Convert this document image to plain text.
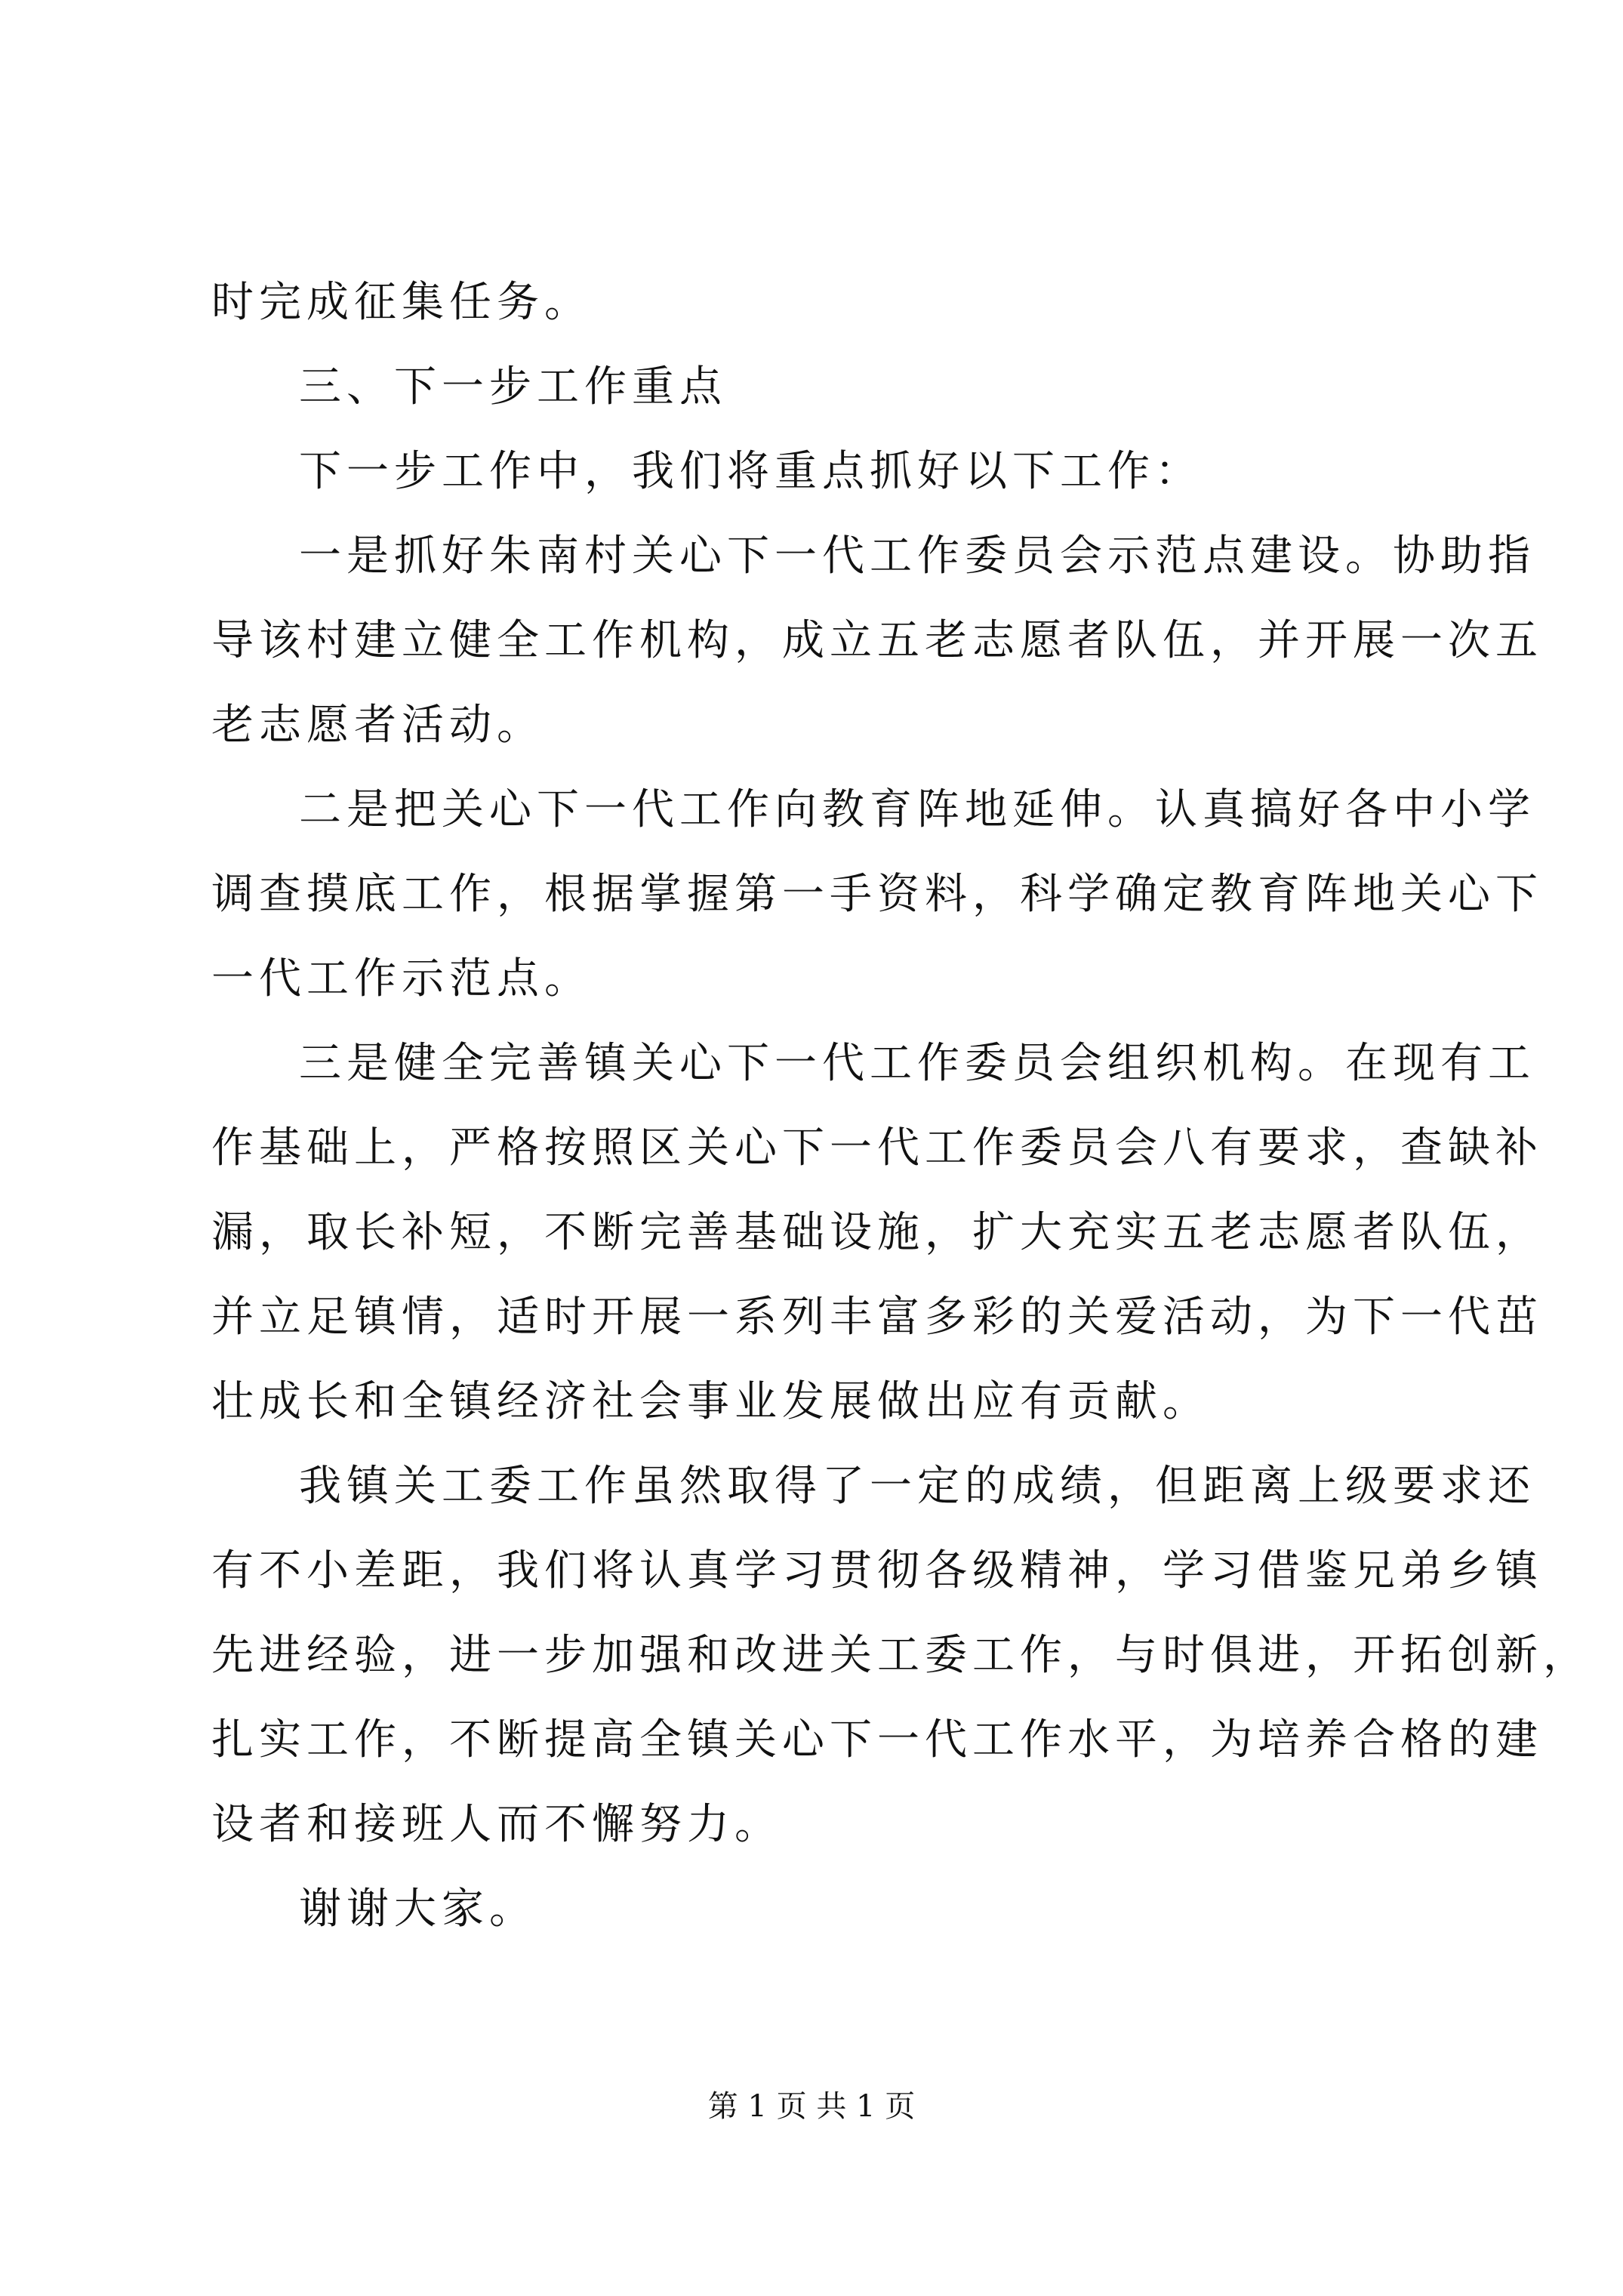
时完成征集任务。
三、下一步工作重点
下一步工作中，我们将重点抓好以下工作：
一是抓好朱南村关心下一代工作委员会示范点建设。协助指
导该村建立健全工作机构，成立五老志愿者队伍，并开展一次五
老志愿者活动。
二是把关心下一代工作向教育阵地延伸。认真搞好各中小学
调查摸底工作，根据掌握第一手资料，科学确定教育阵地关心下
一代工作示范点。
三是健全完善镇关心下一代工作委员会组织机构。在现有工
作基础上，严格按照区关心下一代工作委员会八有要求，查缺补
漏，取长补短，不断完善基础设施，扩大充实五老志愿者队伍，
并立足镇情，适时开展一系列丰富多彩的关爱活动，为下一代茁
壮成长和全镇经济社会事业发展做出应有贡献。
我镇关工委工作虽然取得了一定的成绩，但距离上级要求还
有不小差距，我们将认真学习贯彻各级精神，学习借鉴兄弟乡镇
先进经验，进一步加强和改进关工委工作，与时俱进，开拓创新，
扎实工作，不断提高全镇关心下一代工作水平，为培养合格的建
设者和接班人而不懈努力。
谢谢大家。
第 1 页 共 1 页
